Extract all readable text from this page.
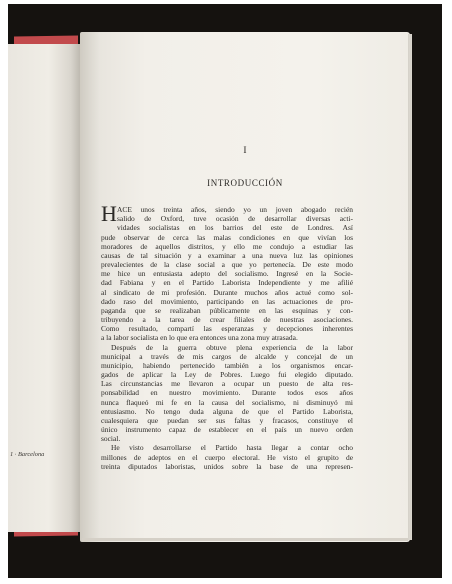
1 · Barcelona
I
INTRODUCCIÓN
H ACE unos treinta años, siendo yo un joven abogado recién
salido de Oxford, tuve ocasión de desarrollar diversas acti-
vidades socialistas en los barrios del este de Londres. Así
pude observar de cerca las malas condiciones en que vivían los
moradores de aquellos distritos, y ello me condujo a estudiar las
causas de tal situación y a examinar a una nueva luz las opiniones
prevalecientes de la clase social a que yo pertenecía. De este modo
me hice un entusiasta adepto del socialismo. Ingresé en la Socie-
dad Fabiana y en el Partido Laborista Independiente y me afilié
al sindicato de mi profesión. Durante muchos años actué como sol-
dado raso del movimiento, participando en las actuaciones de pro-
paganda que se realizaban públicamente en las esquinas y con-
tribuyendo a la tarea de crear filiales de nuestras asociaciones.
Como resultado, compartí las esperanzas y decepciones inherentes
a la labor socialista en lo que era entonces una zona muy atrasada.
Después de la guerra obtuve plena experiencia de la labor
municipal a través de mis cargos de alcalde y concejal de un
municipio, habiendo pertenecido también a los organismos encar-
gados de aplicar la Ley de Pobres. Luego fui elegido diputado.
Las circunstancias me llevaron a ocupar un puesto de alta res-
ponsabilidad en nuestro movimiento. Durante todos esos años
nunca flaqueó mi fe en la causa del socialismo, ni disminuyó mi
entusiasmo. No tengo duda alguna de que el Partido Laborista,
cualesquiera que puedan ser sus faltas y fracasos, constituye el
único instrumento capaz de establecer en el país un nuevo orden
social.
He visto desarrollarse el Partido hasta llegar a contar ocho
millones de adeptos en el cuerpo electoral. He visto el grupito de
treinta diputados laboristas, unidos sobre la base de una represen-
